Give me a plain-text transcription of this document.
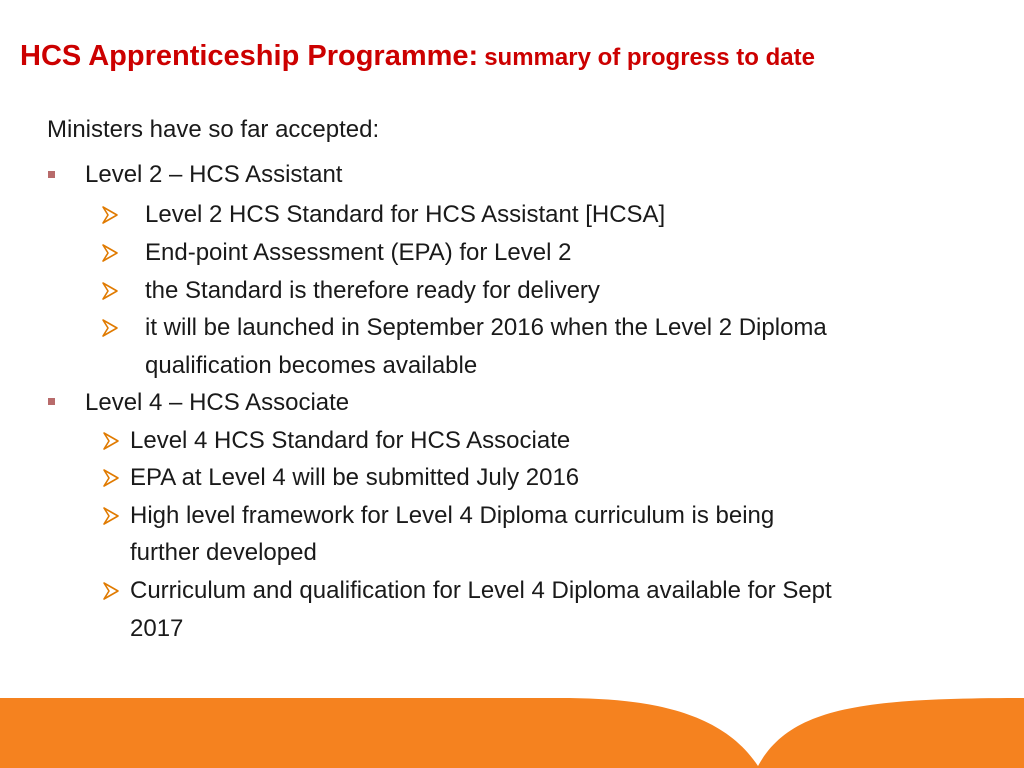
HCS Apprenticeship Programme: summary of progress to date
Ministers have so far accepted:
Level 2 – HCS Assistant
Level 2 HCS Standard for HCS Assistant [HCSA]
End-point Assessment (EPA) for Level 2
the Standard is therefore ready for delivery
it will be launched in September 2016 when the Level 2 Diploma
qualification becomes available
Level 4 – HCS Associate
Level 4 HCS Standard for HCS Associate
EPA at Level 4 will be submitted July 2016
High level framework for Level 4 Diploma curriculum is being
further developed
Curriculum and qualification for Level 4 Diploma available for Sept
2017
